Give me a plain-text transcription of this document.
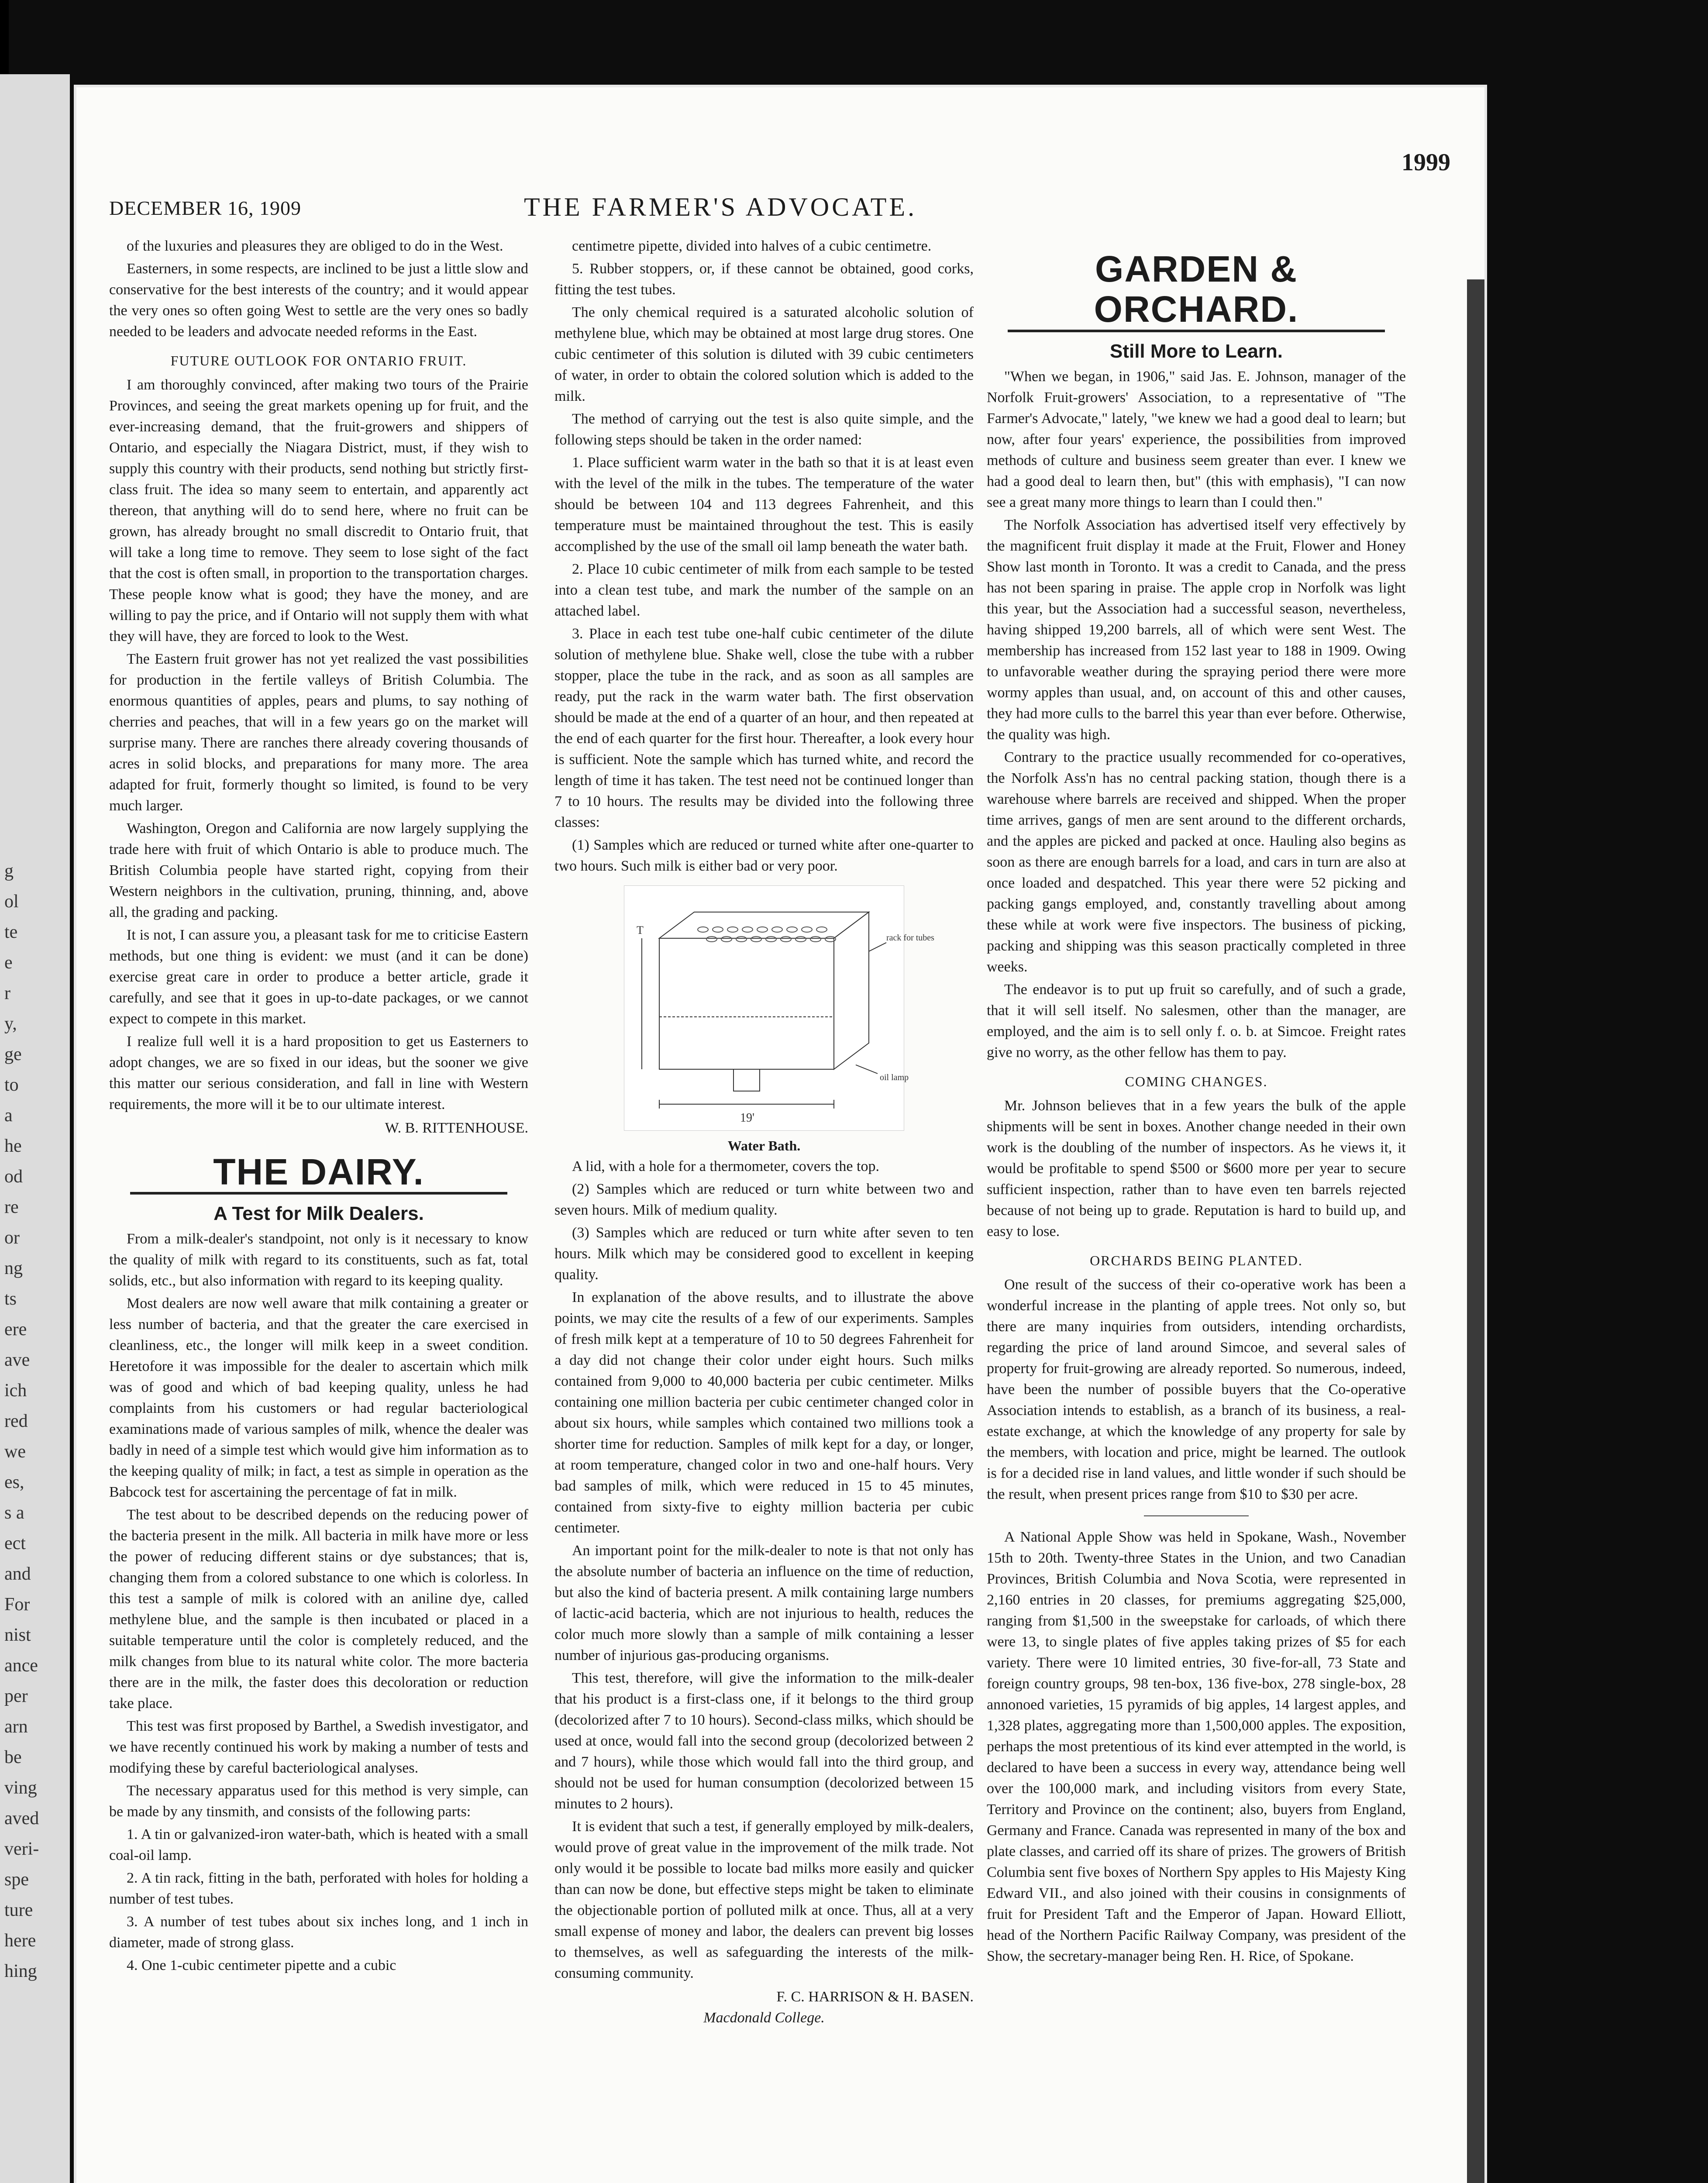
g
ol
te
e
r
y,
ge
to
a
he
od
re
or
ng
ts
ere
ave
ich
red
we
es,
s a
ect
and
For
nist
ance
per
arn
be
ving
aved
veri-
spe
ture
here
hing
DECEMBER 16, 1909	THE FARMER'S ADVOCATE.
1999

of the luxuries and pleasures they are obliged to do in the West.

Easterners, in some respects, are inclined to be just a little slow and conservative for the best interests of the country; and it would appear the very ones so often going West to settle are the very ones so badly needed to be leaders and advocate needed reforms in the East.

FUTURE OUTLOOK FOR ONTARIO FRUIT.

I am thoroughly convinced, after making two tours of the Prairie Provinces, and seeing the great markets opening up for fruit, and the ever-increasing demand, that the fruit-growers and shippers of Ontario, and especially the Niagara District, must, if they wish to supply this country with their products, send nothing but strictly first-class fruit. The idea so many seem to entertain, and apparently act thereon, that anything will do to send here, where no fruit can be grown, has already brought no small discredit to Ontario fruit, that will take a long time to remove. They seem to lose sight of the fact that the cost is often small, in proportion to the transportation charges. These people know what is good; they have the money, and are willing to pay the price, and if Ontario will not supply them with what they will have, they are forced to look to the West.

The Eastern fruit grower has not yet realized the vast possibilities for production in the fertile valleys of British Columbia. The enormous quantities of apples, pears and plums, to say nothing of cherries and peaches, that will in a few years go on the market will surprise many. There are ranches there already covering thousands of acres in solid blocks, and preparations for many more. The area adapted for fruit, formerly thought so limited, is found to be very much larger.

Washington, Oregon and California are now largely supplying the trade here with fruit of which Ontario is able to produce much. The British Columbia people have started right, copying from their Western neighbors in the cultivation, pruning, thinning, and, above all, the grading and packing.

It is not, I can assure you, a pleasant task for me to criticise Eastern methods, but one thing is evident: we must (and it can be done) exercise great care in order to produce a better article, grade it carefully, and see that it goes in up-to-date packages, or we cannot expect to compete in this market.

I realize full well it is a hard proposition to get us Easterners to adopt changes, we are so fixed in our ideas, but the sooner we give this matter our serious consideration, and fall in line with Western requirements, the more will it be to our ultimate interest.

W. B. RITTENHOUSE.
THE DAIRY.
A Test for Milk Dealers.

From a milk-dealer's standpoint, not only is it necessary to know the quality of milk with regard to its constituents, such as fat, total solids, etc., but also information with regard to its keeping quality.

Most dealers are now well aware that milk containing a greater or less number of bacteria, and that the greater the care exercised in cleanliness, etc., the longer will milk keep in a sweet condition. Heretofore it was impossible for the dealer to ascertain which milk was of good and which of bad keeping quality, unless he had complaints from his customers or had regular bacteriological examinations made of various samples of milk, whence the dealer was badly in need of a simple test which would give him information as to the keeping quality of milk; in fact, a test as simple in operation as the Babcock test for ascertaining the percentage of fat in milk.

The test about to be described depends on the reducing power of the bacteria present in the milk. All bacteria in milk have more or less the power of reducing different stains or dye substances; that is, changing them from a colored substance to one which is colorless. In this test a sample of milk is colored with an aniline dye, called methylene blue, and the sample is then incubated or placed in a suitable temperature until the color is completely reduced, and the milk changes from blue to its natural white color. The more bacteria there are in the milk, the faster does this decoloration or reduction take place.

This test was first proposed by Barthel, a Swedish investigator, and we have recently continued his work by making a number of tests and modifying these by careful bacteriological analyses.

The necessary apparatus used for this method is very simple, can be made by any tinsmith, and consists of the following parts:

1. A tin or galvanized-iron water-bath, which is heated with a small coal-oil lamp.

2. A tin rack, fitting in the bath, perforated with holes for holding a number of test tubes.

3. A number of test tubes about six inches long, and 1 inch in diameter, made of strong glass.

4. One 1-cubic centimeter pipette and a cubic

centimetre pipette, divided into halves of a cubic centimetre.

5. Rubber stoppers, or, if these cannot be obtained, good corks, fitting the test tubes.

The only chemical required is a saturated alcoholic solution of methylene blue, which may be obtained at most large drug stores. One cubic centimeter of this solution is diluted with 39 cubic centimeters of water, in order to obtain the colored solution which is added to the milk.

The method of carrying out the test is also quite simple, and the following steps should be taken in the order named:

1. Place sufficient warm water in the bath so that it is at least even with the level of the milk in the tubes. The temperature of the water should be between 104 and 113 degrees Fahrenheit, and this temperature must be maintained throughout the test. This is easily accomplished by the use of the small oil lamp beneath the water bath.

2. Place 10 cubic centimeter of milk from each sample to be tested into a clean test tube, and mark the number of the sample on an attached label.

3. Place in each test tube one-half cubic centimeter of the dilute solution of methylene blue. Shake well, close the tube with a rubber stopper, place the tube in the rack, and as soon as all samples are ready, put the rack in the warm water bath. The first observation should be made at the end of a quarter of an hour, and then repeated at the end of each quarter for the first hour. Thereafter, a look every hour is sufficient. Note the sample which has turned white, and record the length of time it has taken. The test need not be continued longer than 7 to 10 hours. The results may be divided into the following three classes:

(1) Samples which are reduced or turned white after one-quarter to two hours. Such milk is either bad or very poor.

rack for tubes
oil lamp
19'
T
Water Bath.

A lid, with a hole for a thermometer, covers the top.

(2) Samples which are reduced or turn white between two and seven hours. Milk of medium quality.

(3) Samples which are reduced or turn white after seven to ten hours. Milk which may be considered good to excellent in keeping quality.

In explanation of the above results, and to illustrate the above points, we may cite the results of a few of our experiments. Samples of fresh milk kept at a temperature of 10 to 50 degrees Fahrenheit for a day did not change their color under eight hours. Such milks contained from 9,000 to 40,000 bacteria per cubic centimeter. Milks containing one million bacteria per cubic centimeter changed color in about six hours, while samples which contained two millions took a shorter time for reduction. Samples of milk kept for a day, or longer, at room temperature, changed color in two and one-half hours. Very bad samples of milk, which were reduced in 15 to 45 minutes, contained from sixty-five to eighty million bacteria per cubic centimeter.

An important point for the milk-dealer to note is that not only has the absolute number of bacteria an influence on the time of reduction, but also the kind of bacteria present. A milk containing large numbers of lactic-acid bacteria, which are not injurious to health, reduces the color much more slowly than a sample of milk containing a lesser number of injurious gas-producing organisms.

This test, therefore, will give the information to the milk-dealer that his product is a first-class one, if it belongs to the third group (decolorized after 7 to 10 hours). Second-class milks, which should be used at once, would fall into the second group (decolorized between 2 and 7 hours), while those which would fall into the third group, and should not be used for human consumption (decolorized between 15 minutes to 2 hours).

It is evident that such a test, if generally employed by milk-dealers, would prove of great value in the improvement of the milk trade. Not only would it be possible to locate bad milks more easily and quicker than can now be done, but effective steps might be taken to eliminate the objectionable portion of polluted milk at once. Thus, all at a very small expense of money and labor, the dealers can prevent big losses to themselves, as well as safeguarding the interests of the milk-consuming community.

F. C. HARRISON & H. BASEN.
Macdonald College.
GARDEN & ORCHARD.
Still More to Learn.

"When we began, in 1906," said Jas. E. Johnson, manager of the Norfolk Fruit-growers' Association, to a representative of "The Farmer's Advocate," lately, "we knew we had a good deal to learn; but now, after four years' experience, the possibilities from improved methods of culture and business seem greater than ever. I knew we had a good deal to learn then, but" (this with emphasis), "I can now see a great many more things to learn than I could then."

The Norfolk Association has advertised itself very effectively by the magnificent fruit display it made at the Fruit, Flower and Honey Show last month in Toronto. It was a credit to Canada, and the press has not been sparing in praise. The apple crop in Norfolk was light this year, but the Association had a successful season, nevertheless, having shipped 19,200 barrels, all of which were sent West. The membership has increased from 152 last year to 188 in 1909. Owing to unfavorable weather during the spraying period there were more wormy apples than usual, and, on account of this and other causes, they had more culls to the barrel this year than ever before. Otherwise, the quality was high.

Contrary to the practice usually recommended for co-operatives, the Norfolk Ass'n has no central packing station, though there is a warehouse where barrels are received and shipped. When the proper time arrives, gangs of men are sent around to the different orchards, and the apples are picked and packed at once. Hauling also begins as soon as there are enough barrels for a load, and cars in turn are also at once loaded and despatched. This year there were 52 picking and packing gangs employed, and, constantly travelling about among these while at work were five inspectors. The business of picking, packing and shipping was this season practically completed in three weeks.

The endeavor is to put up fruit so carefully, and of such a grade, that it will sell itself. No salesmen, other than the manager, are employed, and the aim is to sell only f. o. b. at Simcoe. Freight rates give no worry, as the other fellow has them to pay.

COMING CHANGES.

Mr. Johnson believes that in a few years the bulk of the apple shipments will be sent in boxes. Another change needed in their own work is the doubling of the number of inspectors. As he views it, it would be profitable to spend $500 or $600 more per year to secure sufficient inspection, rather than to have even ten barrels rejected because of not being up to grade. Reputation is hard to build up, and easy to lose.

ORCHARDS BEING PLANTED.

One result of the success of their co-operative work has been a wonderful increase in the planting of apple trees. Not only so, but there are many inquiries from outsiders, intending orchardists, regarding the price of land around Simcoe, and several sales of property for fruit-growing are already reported. So numerous, indeed, have been the number of possible buyers that the Co-operative Association intends to establish, as a branch of its business, a real-estate exchange, at which the knowledge of any property for sale by the members, with location and price, might be learned. The outlook is for a decided rise in land values, and little wonder if such should be the result, when present prices range from $10 to $30 per acre.

A National Apple Show was held in Spokane, Wash., November 15th to 20th. Twenty-three States in the Union, and two Canadian Provinces, British Columbia and Nova Scotia, were represented in 2,160 entries in 20 classes, for premiums aggregating $25,000, ranging from $1,500 in the sweepstake for carloads, of which there were 13, to single plates of five apples taking prizes of $5 for each variety. There were 10 limited entries, 30 five-for-all, 73 State and foreign country groups, 98 ten-box, 136 five-box, 278 single-box, 28 annonoed varieties, 15 pyramids of big apples, 14 largest apples, and 1,328 plates, aggregating more than 1,500,000 apples. The exposition, perhaps the most pretentious of its kind ever attempted in the world, is declared to have been a success in every way, attendance being well over the 100,000 mark, and including visitors from every State, Territory and Province on the continent; also, buyers from England, Germany and France. Canada was represented in many of the box and plate classes, and carried off its share of prizes. The growers of British Columbia sent five boxes of Northern Spy apples to His Majesty King Edward VII., and also joined with their cousins in consignments of fruit for President Taft and the Emperor of Japan. Howard Elliott, head of the Northern Pacific Railway Company, was president of the Show, the secretary-manager being Ren. H. Rice, of Spokane.
